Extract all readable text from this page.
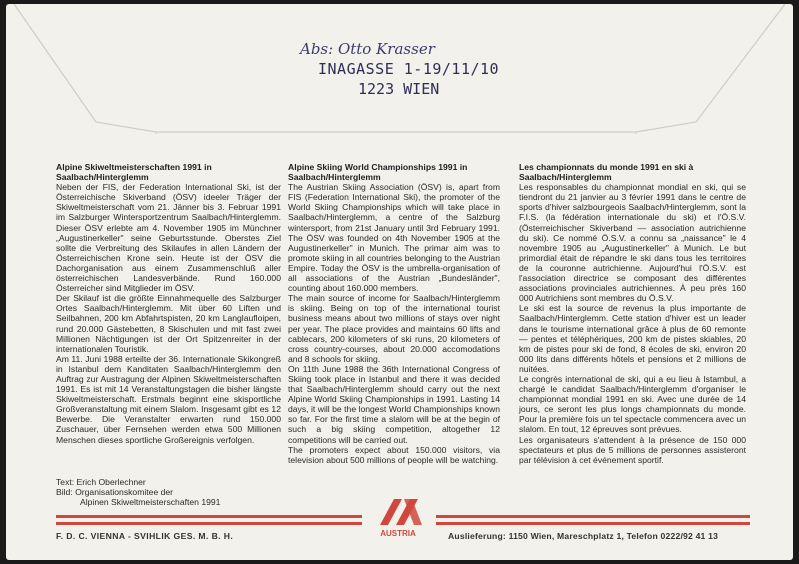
Abs: Otto Krasser
INAGASSE 1-19/11/10
1223 WIEN
Alpine Skiweltmeisterschaften 1991 in Saalbach/Hinterglemm

Neben der FIS, der Federation International Ski, ist der Österreichische Skiverband (ÖSV) ideeler Träger der Skiweltmeisterschaft vom 21. Jänner bis 3. Februar 1991 im Salzburger Wintersportzentrum Saalbach/Hinterglemm. Dieser ÖSV erlebte am 4. November 1905 im Münchner „Augustinerkeller" seine Geburtsstunde. Oberstes Ziel sollte die Verbreitung des Skilaufes in allen Ländern der Österreichischen Krone sein. Heute ist der ÖSV die Dachorganisation aus einem Zusammenschluß aller österreichischen Landesverbände. Rund 160.000 Österreicher sind Mitglieder im ÖSV.

Der Skilauf ist die größte Einnahmequelle des Salzburger Ortes Saalbach/Hinterglemm. Mit über 60 Liften und Seilbahnen, 200 km Abfahrtspisten, 20 km Langlaufloipen, rund 20.000 Gästebetten, 8 Skischulen und mit fast zwei Millionen Nächtigungen ist der Ort Spitzenreiter in der internationalen Touristik.

Am 11. Juni 1988 erteilte der 36. Internationale Skikongreß in Istanbul dem Kanditaten Saalbach/Hinterglemm den Auftrag zur Austragung der Alpinen Skiweltmeisterschaften 1991. Es ist mit 14 Veranstaltungstagen die bisher längste Skiweltmeisterschaft. Erstmals beginnt eine skisportliche Großveranstaltung mit einem Slalom. Insgesamt gibt es 12 Bewerbe. Die Veranstalter erwarten rund 150.000 Zuschauer, über Fernsehen werden etwa 500 Millionen Menschen dieses sportliche Großereignis verfolgen.

Alpine Skiing World Championships 1991 in Saalbach/Hinterglemm

The Austrian Skiing Association (ÖSV) is, apart from FIS (Federation International Ski), the promoter of the World Skiing Championships which will take place in Saalbach/Hinterglemm, a centre of the Salzburg wintersport, from 21st January until 3rd February 1991. The ÖSV was founded on 4th November 1905 at the Augustinerkeller" in Munich. The primar aim was to promote skiing in all countries belonging to the Austrian Empire. Today the ÖSV is the umbrella-organisation of all associations of the Austrian „Bundesländer", counting about 160.000 members.

The main source of income for Saalbach/Hinterglemm is skiing. Being on top of the international tourist business means about two millions of stays over night per year. The place provides and maintains 60 lifts and cablecars, 200 kilometers of ski runs, 20 kilometers of cross country-courses, about 20.000 accomodations and 8 schools for skiing.

On 11th June 1988 the 36th International Congress of Skiing took place in Istanbul and there it was decided that Saalbach/Hinterglemm should carry out the next Alpine World Skiing Championships in 1991. Lasting 14 days, it will be the longest World Championships known so far. For the first time a slalom will be at the begin of such a big skiing competition, altogether 12 competitions will be carried out.

The promoters expect about 150.000 visitors, via television about 500 millions of people will be watching.

Les championnats du monde 1991 en ski à Saalbach/Hinterglemm

Les responsables du championnat mondial en ski, qui se tiendront du 21 janvier au 3 février 1991 dans le centre de sports d'hiver salzbourgeois Saalbach/Hinterglemm, sont la F.I.S. (la fédération internationale du ski) et l'Ö.S.V. (Österreichischer Skiverband — association autrichienne du ski). Ce nommé Ö.S.V. a connu sa „naissance" le 4 novembre 1905 au „Augustinerkeller" à Munich. Le but primordial était de répandre le ski dans tous les territoires de la couronne autrichienne. Aujourd'hui l'Ö.S.V. est l'association directrice se composant des différentes associations provinciales autrichiennes. À peu près 160 000 Autrichiens sont membres du Ö.S.V.

Le ski est la source de revenus la plus importante de Saalbach/Hinterglemm. Cette station d'hiver est un leader dans le tourisme international grâce à plus de 60 remonte — pentes et téléphériques, 200 km de pistes skiables, 20 km de pistes pour ski de fond, 8 écoles de ski, environ 20 000 lits dans différents hôtels et pensions et 2 millions de nuitées.

Le congrès international de ski, qui a eu lieu à Istambul, a chargé le candidat Saalbach/Hinterglemm d'organiser le championnat mondial 1991 en ski. Avec une durée de 14 jours, ce seront les plus longs championnats du monde. Pour la première fois un tel spectacle commencera avec un slalom. En tout, 12 épreuves sont prévues.

Les organisateurs s'attendent à la présence de 150 000 spectateurs et plus de 5 millions de personnes assisteront par télévision à cet événement sportif.

Text: Erich Oberlechner
Bild: Organisationskomitee der
Alpinen Skiweltmeisterschaften 1991
AUSTRIA
F. D. C. VIENNA - SVIHLIK GES. M. B. H.	Auslieferung: 1150 Wien, Mareschplatz 1, Telefon 0222/92 41 13
